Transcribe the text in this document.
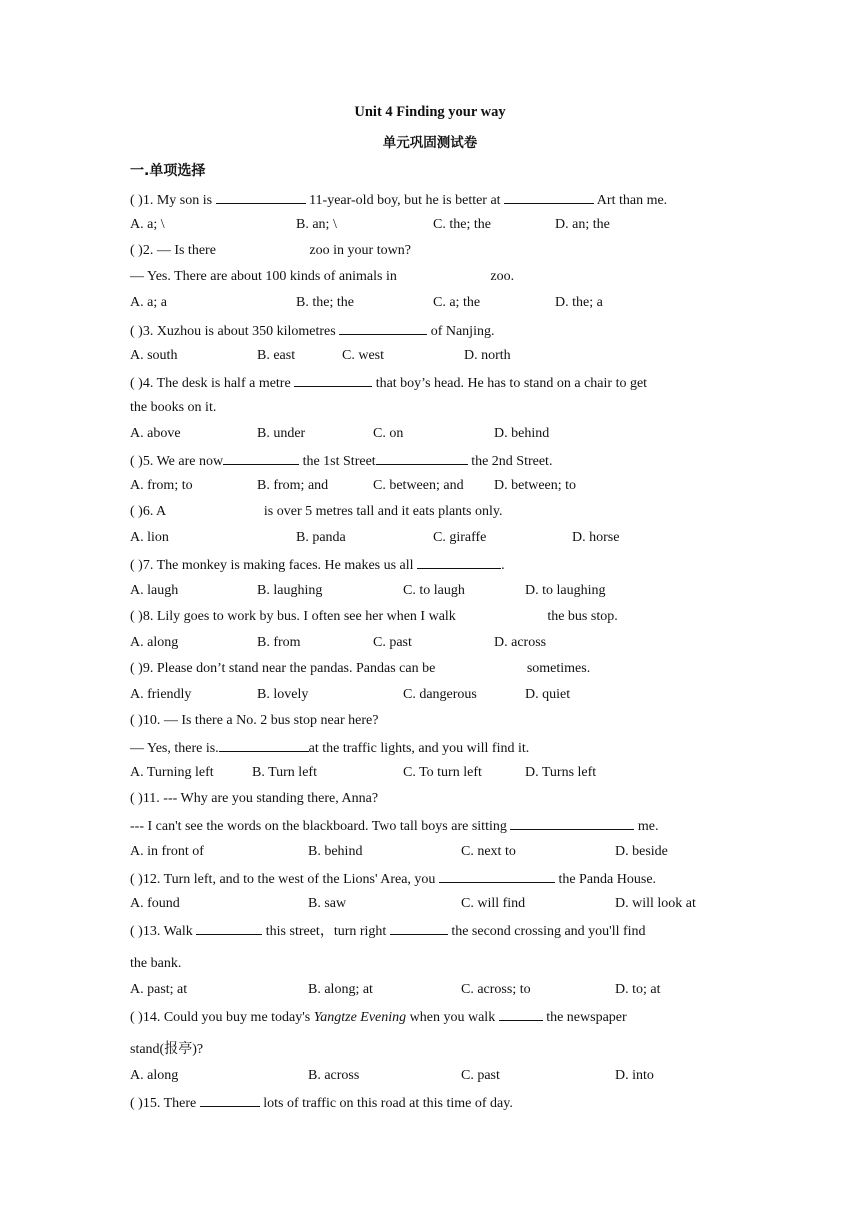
Unit 4 Finding your way
单元巩固测试卷
一.单项选择
( )1. My son is	11-year-old boy, but he is better at	Art than me.
A. a; \	B. an; \	C. the; the	D. an; the
( )2. — Is there	zoo in your town?
— Yes. There are about 100 kinds of animals in	zoo.
A. a; a	B. the; the	C. a; the	D. the; a
( )3. Xuzhou is about 350 kilometres	of Nanjing.
A. south	B. east	C. west	D. north
( )4. The desk is half a metre	that boy’s head. He has to stand on a chair to get
the books on it.
A. above	B. under	C. on	D. behind
( )5. We are now	the 1st Street	the 2nd Street.
A. from; to	B. from; and	C. between; and D. between; to
( )6. A	is over 5 metres tall and it eats plants only.
A. lion	B. panda	C. giraffe	D. horse
( )7. The monkey is making faces. He makes us all	.
A. laugh	B. laughing	C. to laugh	D. to laughing
( )8. Lily goes to work by bus. I often see her when I walk	the bus stop.
A. along	B. from	C. past	D. across
( )9. Please don’t stand near the pandas. Pandas can be	sometimes.
A. friendly	B. lovely	C. dangerous	D. quiet
( )10. — Is there a No. 2 bus stop near here?
— Yes, there is.	at the traffic lights, and you will find it.
A. Turning left	B. Turn left	C. To turn left	D. Turns left
( )11. --- Why are you standing there, Anna?
--- I can't see the words on the blackboard. Two tall boys are sitting	me.
A. in front of	B. behind	C. next to	D. beside
( )12. Turn left, and to the west of the Lions' Area, you	the Panda House.
A. found	B. saw	C. will find	D. will look at
( )13. Walk	this street，turn right	the second crossing and you'll find
the bank.
A. past; at	B. along; at	C. across; to	D. to; at
( )14. Could you buy me today's Yangtze Evening when you walk	the newspaper
stand(报亭)?
A. along	B. across	C. past	D. into
( )15. There	lots of traffic on this road at this time of day.
